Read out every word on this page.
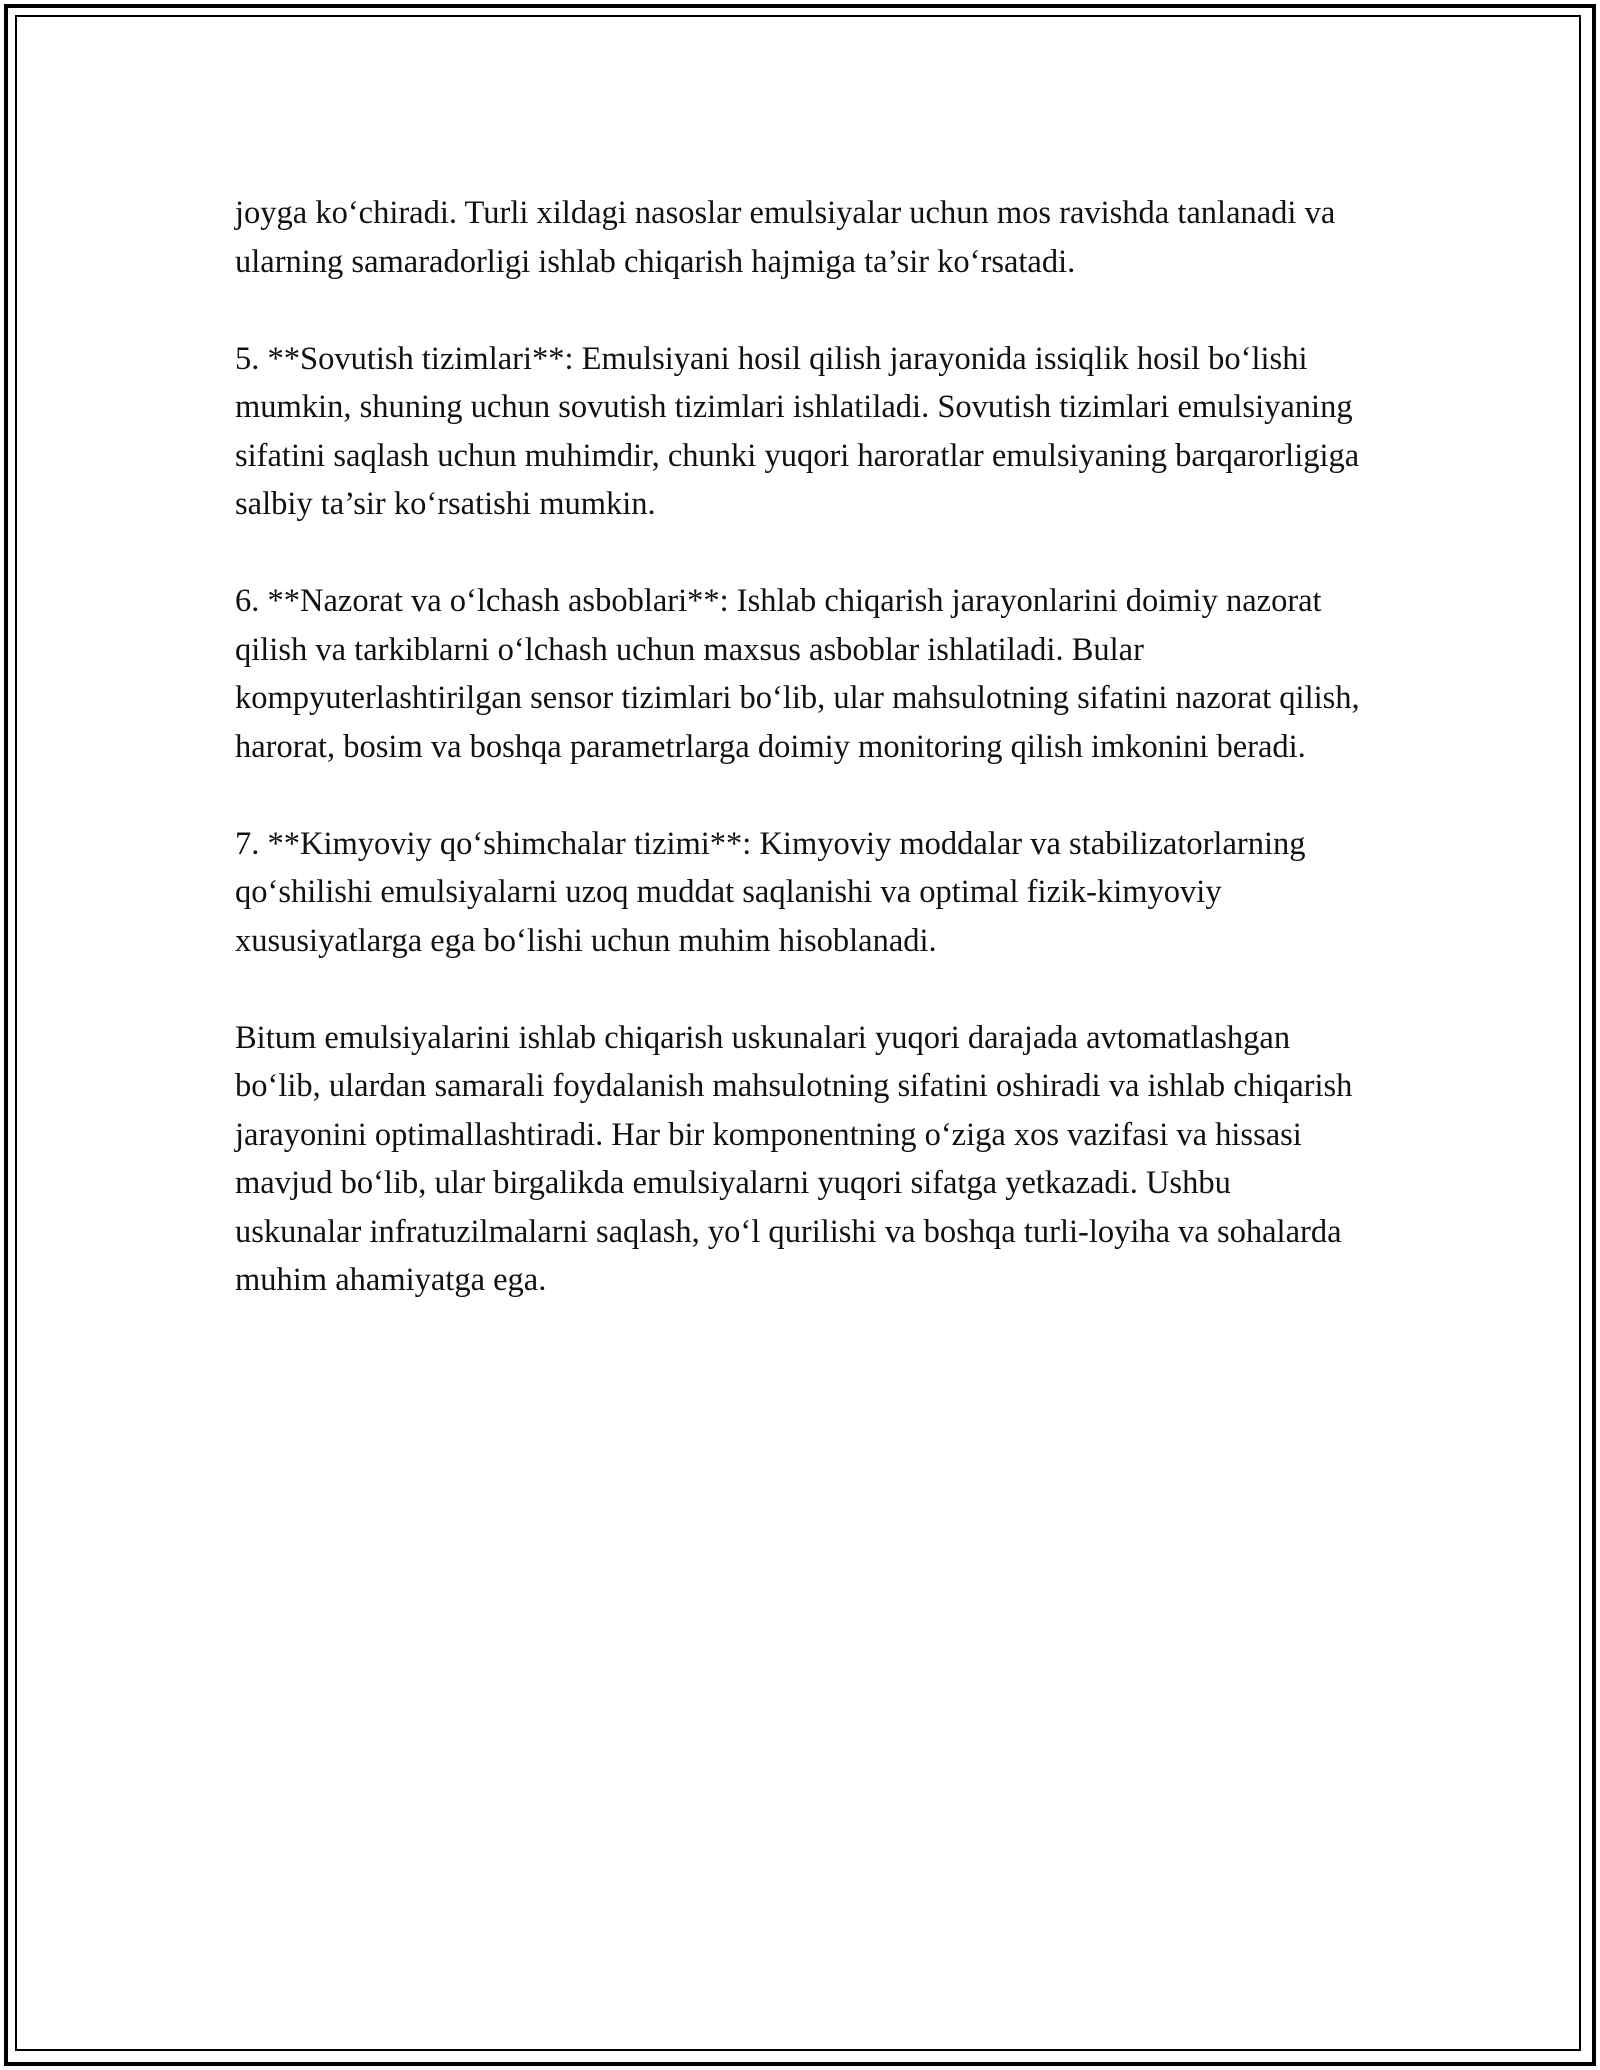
joyga ko‘chiradi. Turli xildagi nasoslar emulsiyalar uchun mos ravishda tanlanadi va ularning samaradorligi ishlab chiqarish hajmiga ta’sir ko‘rsatadi.

5. **Sovutish tizimlari**: Emulsiyani hosil qilish jarayonida issiqlik hosil bo‘lishi mumkin, shuning uchun sovutish tizimlari ishlatiladi. Sovutish tizimlari emulsiyaning sifatini saqlash uchun muhimdir, chunki yuqori haroratlar emulsiyaning barqarorligiga salbiy ta’sir ko‘rsatishi mumkin.

6. **Nazorat va o‘lchash asboblari**: Ishlab chiqarish jarayonlarini doimiy nazorat qilish va tarkiblarni o‘lchash uchun maxsus asboblar ishlatiladi. Bular kompyuterlashtirilgan sensor tizimlari bo‘lib, ular mahsulotning sifatini nazorat qilish, harorat, bosim va boshqa parametrlarga doimiy monitoring qilish imkonini beradi.

7. **Kimyoviy qo‘shimchalar tizimi**: Kimyoviy moddalar va stabilizatorlarning qo‘shilishi emulsiyalarni uzoq muddat saqlanishi va optimal fizik-kimyoviy xususiyatlarga ega bo‘lishi uchun muhim hisoblanadi.

Bitum emulsiyalarini ishlab chiqarish uskunalari yuqori darajada avtomatlashgan bo‘lib, ulardan samarali foydalanish mahsulotning sifatini oshiradi va ishlab chiqarish jarayonini optimallashtiradi. Har bir komponentning o‘ziga xos vazifasi va hissasi mavjud bo‘lib, ular birgalikda emulsiyalarni yuqori sifatga yetkazadi. Ushbu uskunalar infratuzilmalarni saqlash, yo‘l qurilishi va boshqa turli-loyiha va sohalarda muhim ahamiyatga ega.
